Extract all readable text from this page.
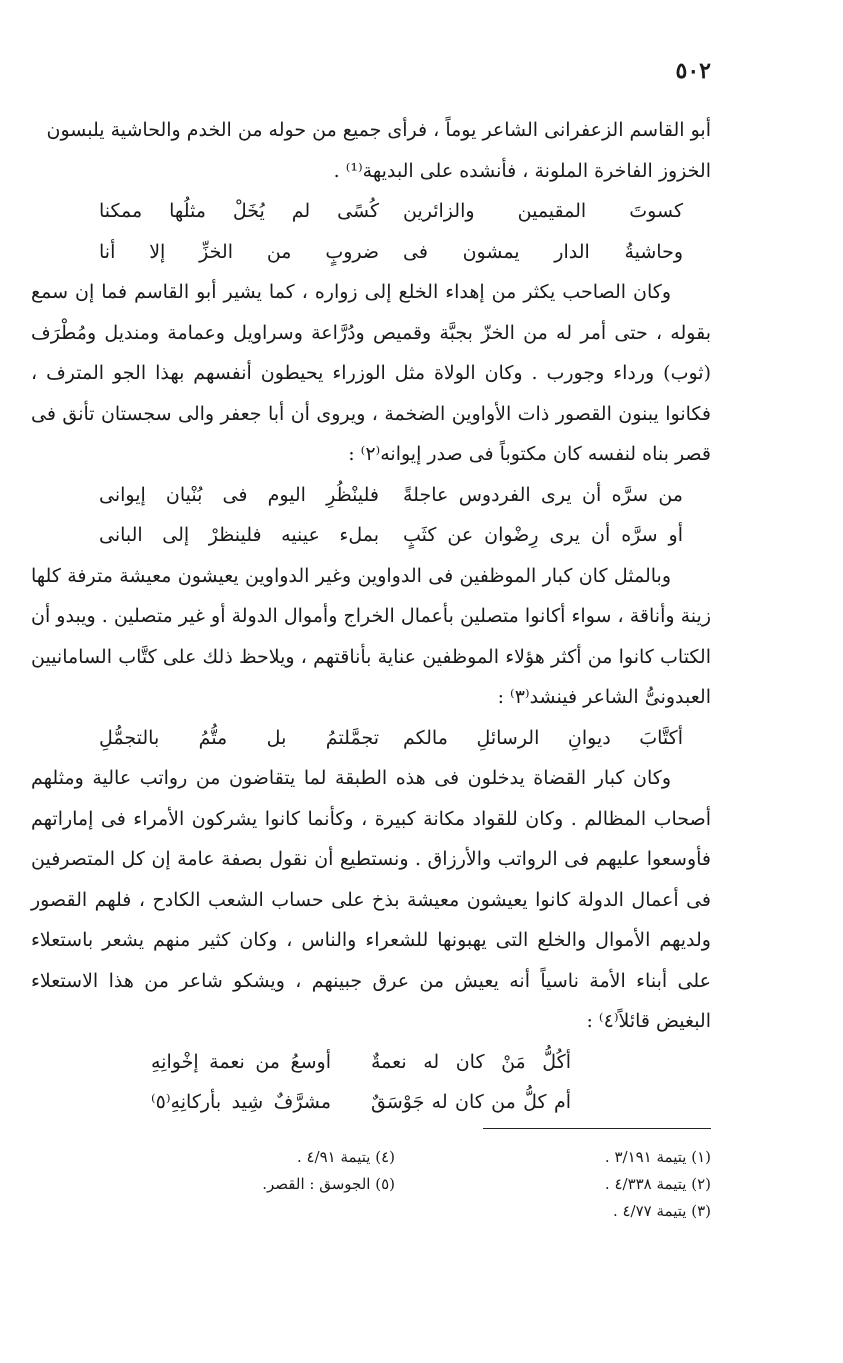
٥٠٢

أبو القاسم الزعفرانى الشاعر يوماً ، فرأى جميع من حوله من الخدم والحاشية يلبسون

الخزوز الفاخرة الملونة ، فأنشده على البديهة⁽¹⁾ .

كسوتَ المقيمين والزائرين
كُسًى لم يُخَلْ مثلُها ممكنا
وحاشيةُ الدار يمشون فى
ضروبٍ من الخزِّ إلا أنا

وكان الصاحب يكثر من إهداء الخلع إلى زواره ، كما يشير أبو القاسم فما إن سمع بقوله ، حتى أمر له من الخزّ بجبَّة وقميص ودُرَّاعة وسراويل وعمامة ومنديل ومُطْرَف (ثوب) ورداء وجورب . وكان الولاة مثل الوزراء يحيطون أنفسهم بهذا الجو المترف ، فكانوا يبنون القصور ذات الأواوين الضخمة ، ويروى أن أبا جعفر والى سجستان تأنق فى قصر بناه لنفسه كان مكتوباً فى صدر إيوانه⁽٢⁾ :

من سرَّه أن يرى الفردوس عاجلةً
فلينْظُرِ اليوم فى بُنْيان إيوانى
أو سرَّه أن يرى رِضْوان عن كثَبٍ
بملء عينيه فلينظرْ إلى البانى

وبالمثل كان كبار الموظفين فى الدواوين وغير الدواوين يعيشون معيشة مترفة كلها زينة وأناقة ، سواء أكانوا متصلين بأعمال الخراج وأموال الدولة أو غير متصلين . ويبدو أن الكتاب كانوا من أكثر هؤلاء الموظفين عناية بأناقتهم ، ويلاحظ ذلك على كتَّاب السامانيين العبدونىُّ الشاعر فينشد⁽٣⁾ :

أكتَّابَ ديوانِ الرسائلِ مالكم
تجمَّلتمُ بل متُّمُ بالتجمُّلِ

وكان كبار القضاة يدخلون فى هذه الطبقة لما يتقاضون من رواتب عالية ومثلهم أصحاب المظالم . وكان للقواد مكانة كبيرة ، وكأنما كانوا يشركون الأمراء فى إماراتهم فأوسعوا عليهم فى الرواتب والأرزاق . ونستطيع أن نقول بصفة عامة إن كل المتصرفين فى أعمال الدولة كانوا يعيشون معيشة بذخ على حساب الشعب الكادح ، فلهم القصور ولديهم الأموال والخلع التى يهبونها للشعراء والناس ، وكان كثير منهم يشعر باستعلاء على أبناء الأمة ناسياً أنه يعيش من عرق جبينهم ، ويشكو شاعر من هذا الاستعلاء البغيض قائلاً⁽٤⁾ :

أكُلُّ مَنْ كان له نعمةٌ
أوسعُ من نعمة إخْوانِهِ
أم كلُّ من كان له جَوْسَقٌ
مشرَّفٌ شِيد بأركانِهِ⁽٥⁾
(١) يتيمة ٣/١٩١ .
(٢) يتيمة ٤/٣٣٨ .
(٣) يتيمة ٤/٧٧ .
(٤) يتيمة ٤/٩١ .
(٥) الجوسق : القصر.
